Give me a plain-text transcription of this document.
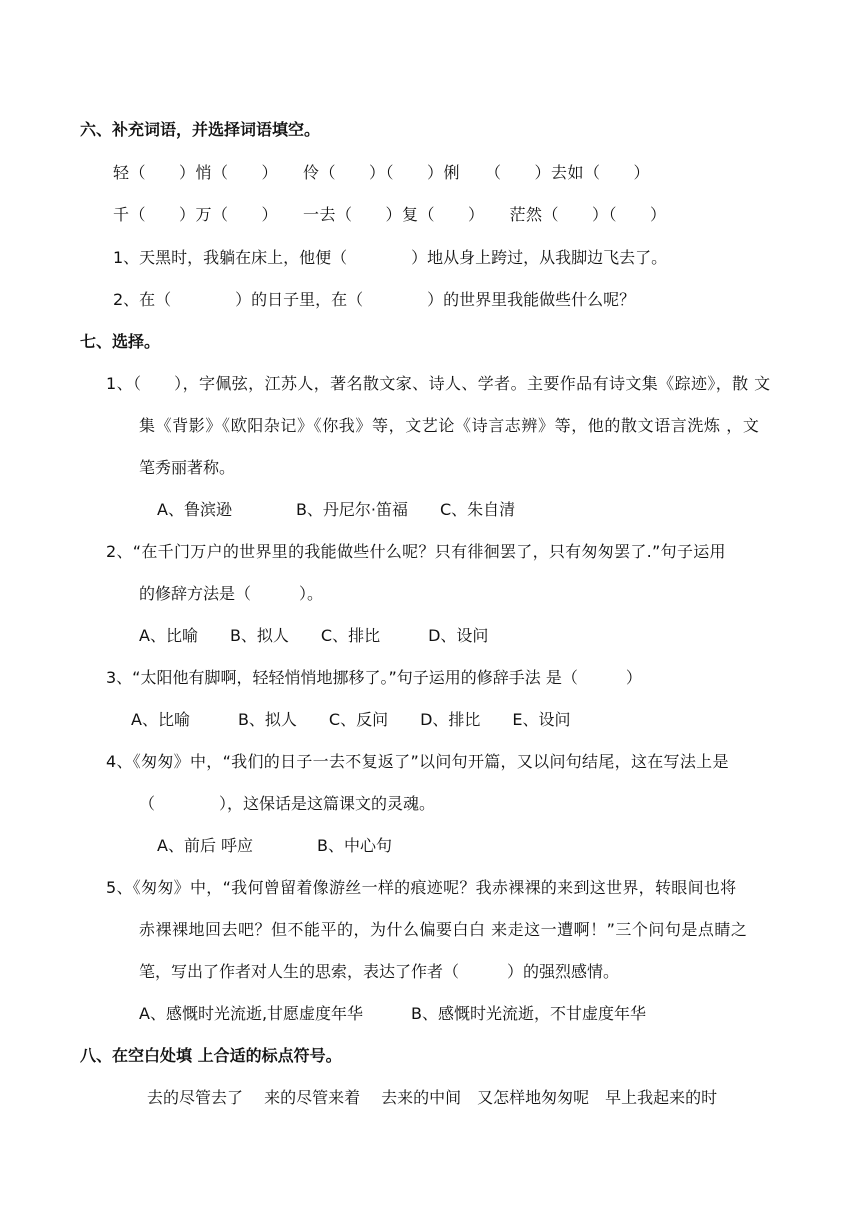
六、补充词语，并选择词语填空。
轻（　　）悄（　　）　　伶（　　）（　　）俐　　（　　）去如（　　）
千（　　）万（　　）　　一去（　　）复（　　）　　茫然（　　）（　　）
1、天黑时，我躺在床上，他便（　　　　）地从身上跨过，从我脚边飞去了。
2、在（　　　　）的日子里，在（　　　　）的世界里我能做些什么呢？
七、选择。
1、（　　），字佩弦，江苏人，著名散文家、诗人、学者。主要作品有诗文集《踪迹》，散 文
集《背影》《欧阳杂记》《你我》等，文艺论《诗言志辨》等，他的散文语言洗炼 ，文
笔秀丽著称。
A、鲁滨逊　　　　B、丹尼尔·笛福　　C、朱自清
2、“在千门万户的世界里的我能做些什么呢？只有徘徊罢了，只有匆匆罢了.”句子运用
的修辞方法是（　　　）。
A、比喻　　B、拟人　　C、排比　　　D、设问
3、“太阳他有脚啊，轻轻悄悄地挪移了。”句子运用的修辞手法 是（　　　）
A、比喻　　　B、拟人　　C、反问　　D、排比　　E、设问
4、《匆匆》中，“我们的日子一去不复返了”以问句开篇，又以问句结尾，这在写法上是
（　　　　），这保话是这篇课文的灵魂。
A、前后 呼应　　　　B、中心句
5、《匆匆》中，“我何曾留着像游丝一样的痕迹呢？我赤裸裸的来到这世界，转眼间也将
赤裸裸地回去吧？但不能平的，为什么偏要白白 来走这一遭啊！”三个问句是点睛之
笔，写出了作者对人生的思索，表达了作者（　　　）的强烈感情。
A、感慨时光流逝,甘愿虚度年华　　　B、感慨时光流逝，不甘虚度年华
八、在空白处填 上合适的标点符号。
去的尽管去了　 来的尽管来着　 去来的中间　又怎样地匆匆呢　早上我起来的时
